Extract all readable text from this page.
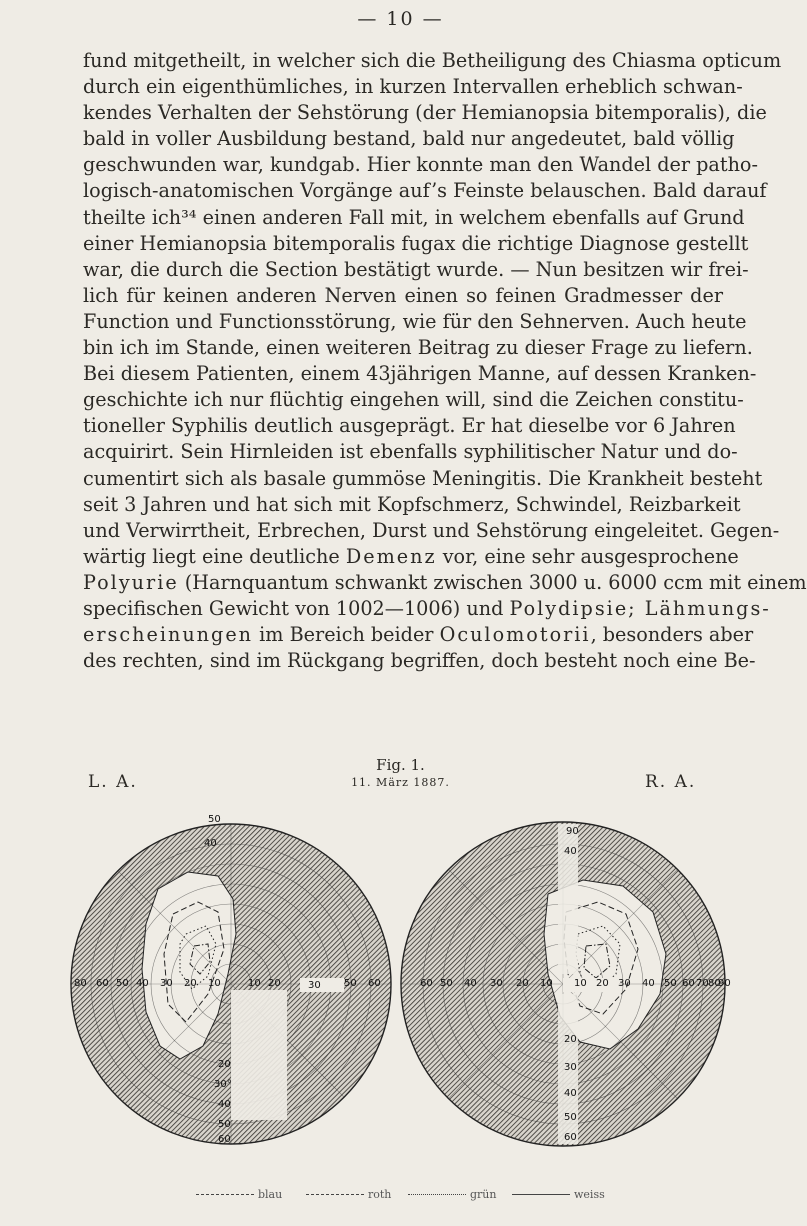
— 10 —
fund mitgetheilt, in welcher sich die Betheiligung des Chiasma opticum
durch ein eigenthümliches, in kurzen Intervallen erheblich schwan-
kendes Verhalten der Sehstörung (der Hemianopsia bitemporalis), die
bald in voller Ausbildung bestand, bald nur angedeutet, bald völlig
geschwunden war, kundgab. Hier konnte man den Wandel der patho-
logisch-anatomischen Vorgänge auf’s Feinste belauschen. Bald darauf
theilte ich³⁴ einen anderen Fall mit, in welchem ebenfalls auf Grund
einer Hemianopsia bitemporalis fugax die richtige Diagnose gestellt
war, die durch die Section bestätigt wurde. — Nun besitzen wir frei-
lich für keinen anderen Nerven einen so feinen Gradmesser der
Function und Functionsstörung, wie für den Sehnerven. Auch heute
bin ich im Stande, einen weiteren Beitrag zu dieser Frage zu liefern.
Bei diesem Patienten, einem 43jährigen Manne, auf dessen Kranken-
geschichte ich nur flüchtig eingehen will, sind die Zeichen constitu-
tioneller Syphilis deutlich ausgeprägt. Er hat dieselbe vor 6 Jahren
acquirirt. Sein Hirnleiden ist ebenfalls syphilitischer Natur und do-
cumentirt sich als basale gummöse Meningitis. Die Krankheit besteht
seit 3 Jahren und hat sich mit Kopfschmerz, Schwindel, Reizbarkeit
und Verwirrtheit, Erbrechen, Durst und Sehstörung eingeleitet. Gegen-
wärtig liegt eine deutliche Demenz vor, eine sehr ausgesprochene
Polyurie (Harnquantum schwankt zwischen 3000 u. 6000 ccm mit einem
specifischen Gewicht von 1002—1006) und Polydipsie; Lähmungs-
erscheinungen im Bereich beider Oculomotorii, besonders aber
des rechten, sind im Rückgang begriffen, doch besteht noch eine Be-
Fig. 1.
11. März 1887.
L. A.	R. A.
50
40
80 60 50 40 30 20 10	10 20	30 50 60
20
30°
40
50
60
90
40
60 50 40 30 20 10 10 20 30 40 50 60 70 80
90
20
30
40
50
60
blau	roth	grün	weiss
